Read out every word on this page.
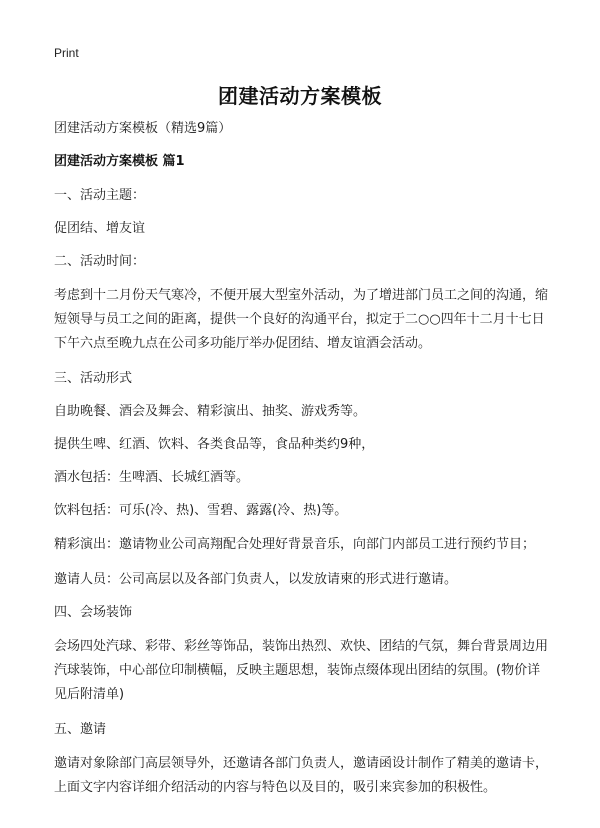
Print
团建活动方案模板
团建活动方案模板（精选9篇）
团建活动方案模板 篇1
一、活动主题：
促团结、增友谊
二、活动时间：
考虑到十二月份天气寒冷，不便开展大型室外活动，为了增进部门员工之间的沟通，缩短领导与员工之间的距离，提供一个良好的沟通平台，拟定于二○○四年十二月十七日下午六点至晚九点在公司多功能厅举办促团结、增友谊酒会活动。
三、活动形式
自助晚餐、酒会及舞会、精彩演出、抽奖、游戏秀等。
提供生啤、红酒、饮料、各类食品等，食品种类约9种，
酒水包括：生啤酒、长城红酒等。
饮料包括：可乐(冷、热)、雪碧、露露(冷、热)等。
精彩演出：邀请物业公司高翔配合处理好背景音乐，向部门内部员工进行预约节目；
邀请人员：公司高层以及各部门负责人，以发放请柬的形式进行邀请。
四、会场装饰
会场四处汽球、彩带、彩丝等饰品，装饰出热烈、欢快、团结的气氛，舞台背景周边用汽球装饰，中心部位印制横幅，反映主题思想，装饰点缀体现出团结的氛围。(物价详见后附清单)
五、邀请
邀请对象除部门高层领导外，还邀请各部门负责人，邀请函设计制作了精美的邀请卡，上面文字内容详细介绍活动的内容与特色以及目的，吸引来宾参加的积极性。
